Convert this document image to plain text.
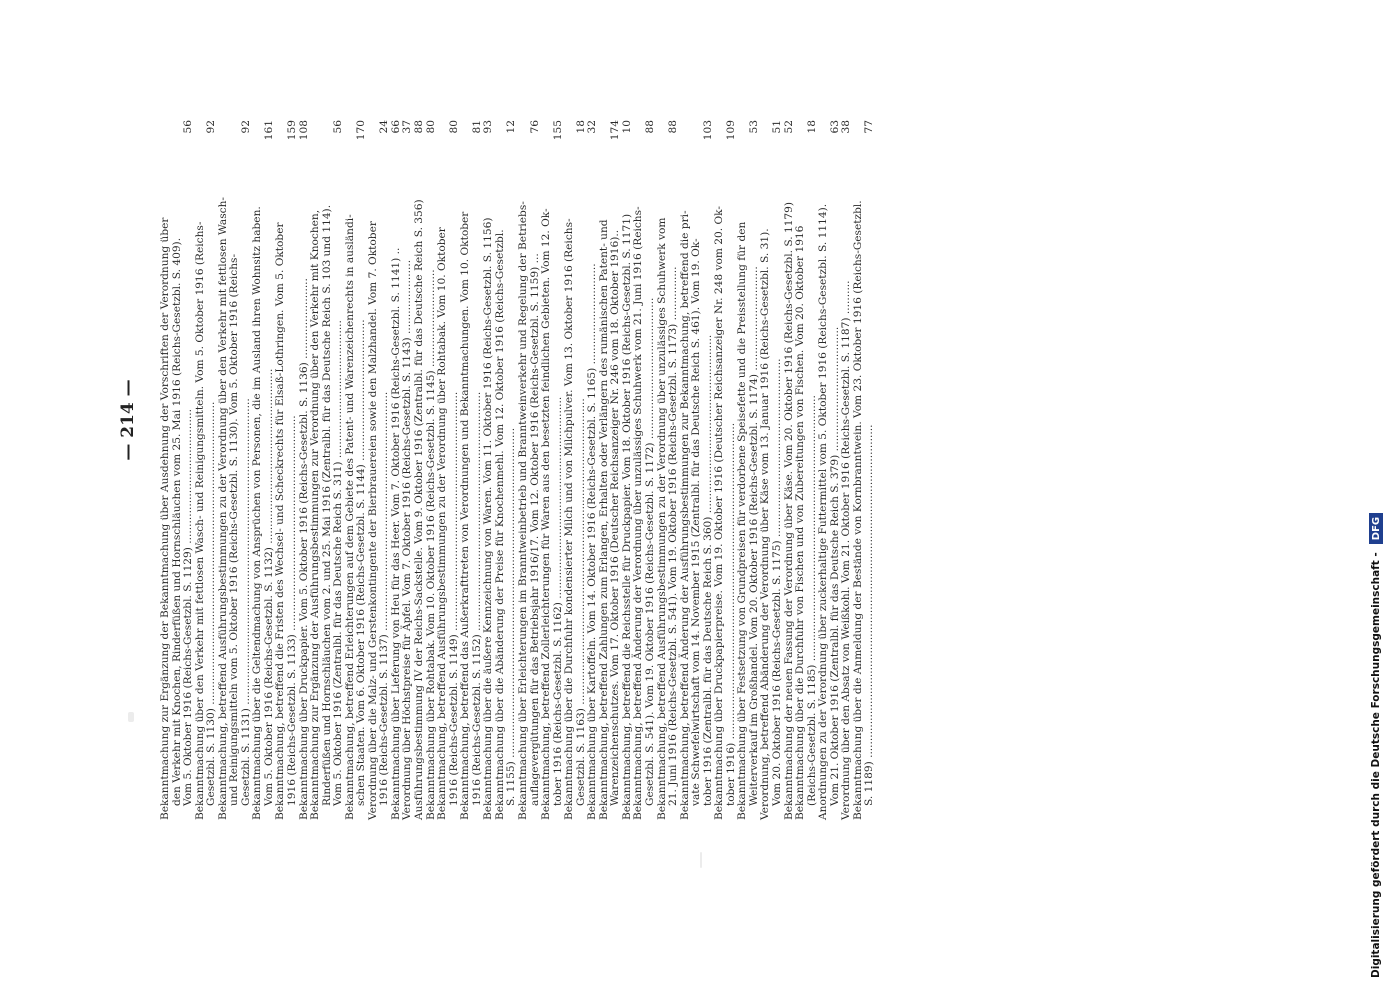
— 214 —
Bekanntmachung zur Ergänzung der Bekanntmachung über Ausdehnung der Vorschriften der Verordnung über
den Verkehr mit Knochen, Rinderfüßen und Hornschläuchen vom 25. Mai 1916 (Reichs-Gesetzbl. S. 409).
Vom 5. Oktober 1916 (Reichs-Gesetzbl. S. 1129) ........................................
56
Bekanntmachung über den Verkehr mit fettlosen Wasch- und Reinigungsmitteln. Vom 5. Oktober 1916 (Reichs-
Gesetzbl. S. 1130) ..........................................................................................
92
Bekanntmachung, betreffend Ausführungsbestimmungen zu der Verordnung über den Verkehr mit fettlosen Wasch-
und Reinigungsmitteln vom 5. Oktober 1916 (Reichs-Gesetzbl. S. 1130). Vom 5. Oktober 1916 (Reichs-
Gesetzbl. S. 1131) ...........................................................................................
92
Bekanntmachung über die Geltendmachung von Ansprüchen von Personen, die im Ausland ihren Wohnsitz haben.
Vom 5. Oktober 1916 (Reichs-Gesetzbl. S. 1132) ....................................................
161
Bekanntmachung, betreffend die Fristen des Wechsel- und Scheckrechts für Elsaß-Lothringen. Vom 5. Oktober
1916 (Reichs-Gesetzbl. S. 1133) ................................................................
159
Bekanntmachung über Druckpapier. Vom 5. Oktober 1916 (Reichs-Gesetzbl. S. 1136) ........................
108
Bekanntmachung zur Ergänzung der Ausführungsbestimmungen zur Verordnung über den Verkehr mit Knochen,
Rinderfüßen und Hornschläuchen vom 2. und 25. Mai 1916 (Zentralbl. für das Deutsche Reich S. 103 und 114).
Vom 5. Oktober 1916 (Zentralbl. für das Deutsche Reich S. 311) .........................................
56
Bekanntmachung, betreffend Erleichterungen auf dem Gebiete des Patent- und Warenzeichenrechts in ausländi-
schen Staaten. Vom 6. Oktober 1916 (Reichs-Gesetzbl. S. 1144) ..........................................
170
Verordnung über die Malz- und Gerstenkontingente der Bierbrauereien sowie den Malzhandel. Vom 7. Oktober
1916 (Reichs-Gesetzbl. S. 1137) .......................................................................
24
Bekanntmachung über Lieferung von Heu für das Heer. Vom 7. Oktober 1916 (Reichs-Gesetzbl. S. 1141) ..
66
Verordnung über Höchstpreise für Äpfel. Vom 7. Oktober 1916 (Reichs-Gesetzbl. S. 1143) ......................
37
Ausführungsbestimmung IV der Reichs-Sackstelle. Vom 9. Oktober 1916 (Zentralbl. für das Deutsche Reich S. 356)
88
Bekanntmachung über Rohtabak. Vom 10. Oktober 1916 (Reichs-Gesetzbl. S. 1145) .............................
80
Bekanntmachung, betreffend Ausführungsbestimmungen zu der Verordnung über Rohtabak. Vom 10. Oktober
1916 (Reichs-Gesetzbl. S. 1149) .......................................................................
80
Bekanntmachung, betreffend das Außerkrafttreten von Verordnungen und Bekanntmachungen. Vom 10. Oktober
1916 (Reichs-Gesetzbl. S. 1152) .......................................................................
81
Bekanntmachung über die äußere Kennzeichnung von Waren. Vom 11. Oktober 1916 (Reichs-Gesetzbl. S. 1156)
93
Bekanntmachung über die Abänderung der Preise für Knochenmehl. Vom 12. Oktober 1916 (Reichs-Gesetzbl.
S. 1155) ..................................................................................................
12
Bekanntmachung über Erleichterungen im Branntweinbetrieb und Branntweinverkehr und Regelung der Betriebs-
auflagevergütungen für das Betriebsjahr 1916/17. Vom 12. Oktober 1916 (Reichs-Gesetzbl. S. 1159) ...
76
Bekanntmachung, betreffend Zollerleichterungen für Waren aus den besetzten feindlichen Gebieten. Vom 12. Ok-
tober 1916 (Reichs-Gesetzbl. S. 1162) ............................................................
155
Bekanntmachung über die Durchfuhr kondensierter Milch und von Milchpulver. Vom 13. Oktober 1916 (Reichs-
Gesetzbl. S. 1163) ...........................................................................................
18
Bekanntmachung über Kartoffeln. Vom 14. Oktober 1916 (Reichs-Gesetzbl. S. 1165) ..............................
32
Bekanntmachung, betreffend Zahlungen zum Erlangen, Erhalten oder Verlängern des rumänischen Patent- und
Warenzeichenschutzes. Vom 17. Oktober 1916 (Deutscher Reichsanzeiger Nr. 246 vom 18. Oktober 1916)..
174
Bekanntmachung, betreffend die Reichsstelle für Druckpapier. Vom 18. Oktober 1916 (Reichs-Gesetzbl. S. 1171)
10
Bekanntmachung, betreffend Änderung der Verordnung über unzulässiges Schuhwerk vom 21. Juni 1916 (Reichs-
Gesetzbl. S. 541). Vom 19. Oktober 1916 (Reichs-Gesetzbl. S. 1172) ..........................................
88
Bekanntmachung, betreffend Ausführungsbestimmungen zu der Verordnung über unzulässiges Schuhwerk vom
21. Juni 1916 (Reichs-Gesetzbl. S. 541). Vom 19. Oktober 1916 (Reichs-Gesetzbl. S. 1173) ................
88
Bekanntmachung, betreffend Änderung der Ausführungsbestimmungen zur Bekanntmachung, betreffend die pri-
vate Schwefelwirtschaft vom 14. November 1915 (Zentralbl. für das Deutsche Reich S. 461). Vom 19. Ok-
tober 1916 (Zentralbl. für das Deutsche Reich S. 360) .....................................................
103
Bekanntmachung über Druckpapierpreise. Vom 19. Oktober 1916 (Deutscher Reichsanzeiger Nr. 248 vom 20. Ok-
tober 1916) ..............................................................................................
109
Bekanntmachung über Festsetzung von Grundpreisen für verdorbene Speisefette und die Preisstellung für den
Weiterverkauf im Großhandel. Vom 20. Oktober 1916 (Reichs-Gesetzbl. S. 1174) ...............................
53
Verordnung, betreffend Abänderung der Verordnung über Käse vom 13. Januar 1916 (Reichs-Gesetzbl. S. 31).
Vom 20. Oktober 1916 (Reichs-Gesetzbl. S. 1175) .....................................................
51
Bekanntmachung der neuen Fassung der Verordnung über Käse. Vom 20. Oktober 1916 (Reichs-Gesetzbl. S. 1179)
52
Bekanntmachung über die Durchfuhr von Fischen und von Zubereitungen von Fischen. Vom 20. Oktober 1916
(Reichs-Gesetzbl. S. 1185) ...............................................................................
18
Anordnungen zu der Verordnung über zuckerhaltige Futtermittel vom 5. Oktober 1916 (Reichs-Gesetzbl. S. 1114).
Vom 21. Oktober 1916 (Zentralbl. für das Deutsche Reich S. 379) .....................................
63
Verordnung über den Absatz von Weißkohl. Vom 21. Oktober 1916 (Reichs-Gesetzbl. S. 1187) ..........
38
Bekanntmachung über die Anmeldung der Bestände von Kornbranntwein. Vom 23. Oktober 1916 (Reichs-Gesetzbl.
S. 1189) ...................................................................................................
77
Digitalisierung gefördert durch die Deutsche Forschungsgemeinschaft - DFG
